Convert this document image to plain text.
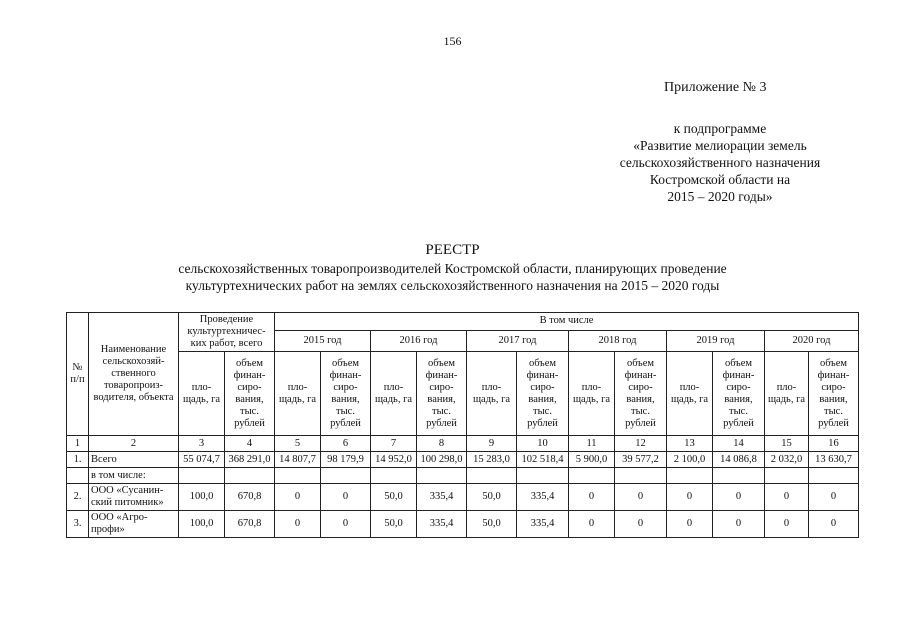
156
Приложение № 3
к подпрограмме
«Развитие мелиорации земель
сельскохозяйственного назначения
Костромской области на
2015 – 2020 годы»
РЕЕСТР
сельскохозяйственных товаропроизводителей Костромской области, планирующих проведение
культуртехнических работ на землях сельскохозяйственного назначения на 2015 – 2020 годы
№ п/п	Наименование сельскохозяй-ственного товаропроиз-водителя, объекта	Проведение культуртехничес-ких работ, всего		В том числе											
				2015 год		2016 год		2017 год		2018 год		2019 год		2020 год	
		пло-щадь, га	объем финан-сиро-вания, тыс. рублей	пло-щадь, га	объем финан-сиро-вания, тыс. рублей	пло-щадь, га	объем финан-сиро-вания, тыс. рублей	пло-щадь, га	объем финан-сиро-вания, тыс. рублей	пло-щадь, га	объем финан-сиро-вания, тыс. рублей	пло-щадь, га	объем финан-сиро-вания, тыс. рублей	пло-щадь, га	объем финан-сиро-вания, тыс. рублей
1	2	3	4	5	6	7	8	9	10	11	12	13	14	15	16
1.	Всего	55 074,7	368 291,0	14 807,7	98 179,9	14 952,0	100 298,0	15 283,0	102 518,4	5 900,0	39 577,2	2 100,0	14 086,8	2 032,0	13 630,7
	в том числе:														
2.	ООО «Сусанин-ский питомник»	100,0	670,8	0	0	50,0	335,4	50,0	335,4	0	0	0	0	0	0
3.	ООО «Агро-профи»	100,0	670,8	0	0	50,0	335,4	50,0	335,4	0	0	0	0	0	0
